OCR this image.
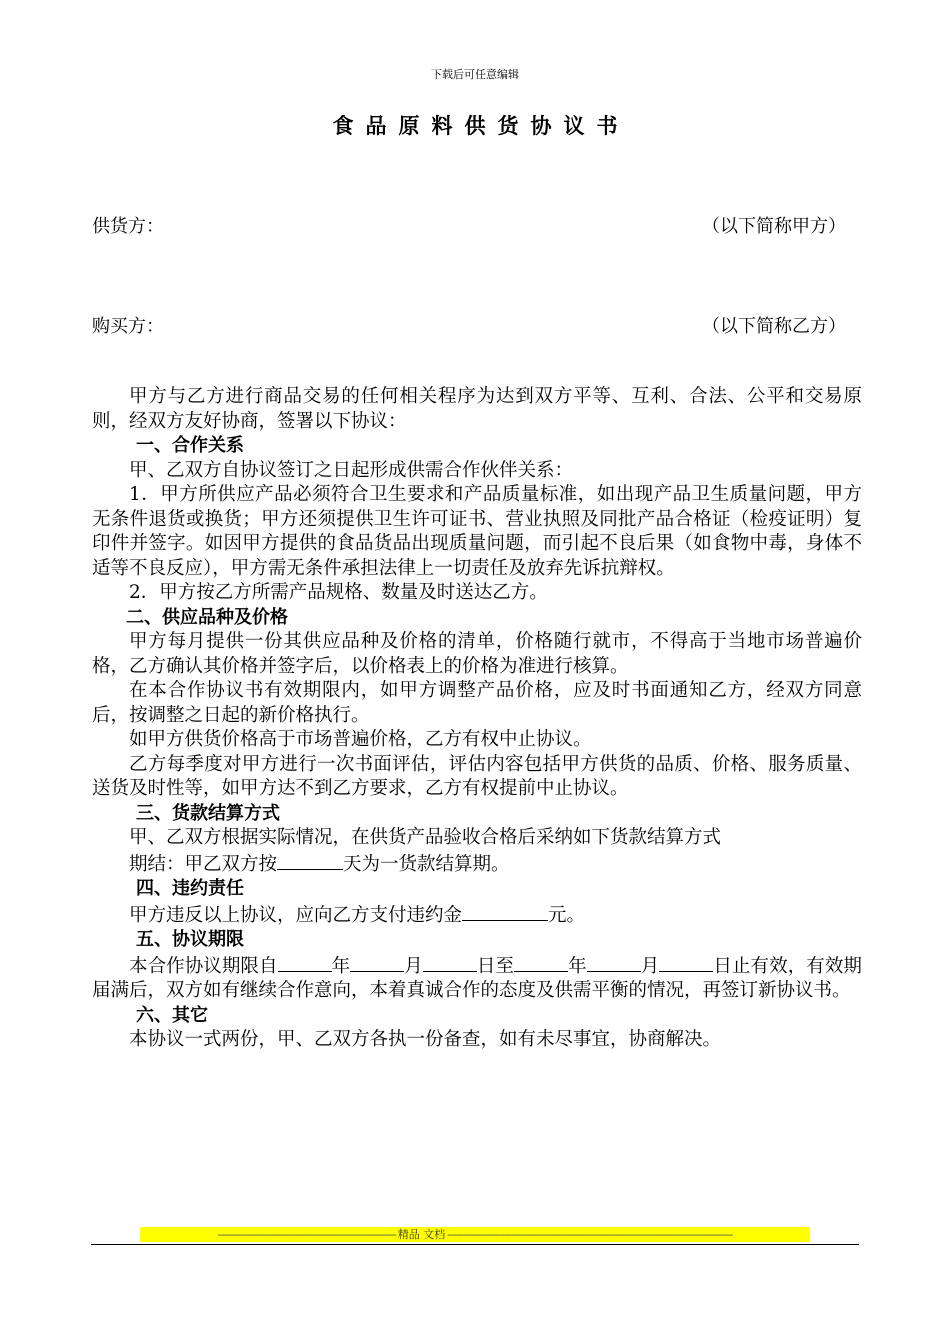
下载后可任意编辑
食品原料供货协议书
供货方：	（以下简称甲方）
购买方：	（以下简称乙方）

甲方与乙方进行商品交易的任何相关程序为达到双方平等、互利、合法、公平和交易原则，经双方友好协商，签署以下协议：

一、合作关系

甲、乙双方自协议签订之日起形成供需合作伙伴关系：

1．甲方所供应产品必须符合卫生要求和产品质量标准，如出现产品卫生质量问题，甲方无条件退货或换货；甲方还须提供卫生许可证书、营业执照及同批产品合格证（检疫证明）复印件并签字。如因甲方提供的食品货品出现质量问题，而引起不良后果（如食物中毒，身体不适等不良反应），甲方需无条件承担法律上一切责任及放弃先诉抗辩权。

2．甲方按乙方所需产品规格、数量及时送达乙方。

二、供应品种及价格

甲方每月提供一份其供应品种及价格的清单，价格随行就市，不得高于当地市场普遍价格，乙方确认其价格并签字后，以价格表上的价格为准进行核算。

在本合作协议书有效期限内，如甲方调整产品价格，应及时书面通知乙方，经双方同意后，按调整之日起的新价格执行。

如甲方供货价格高于市场普遍价格，乙方有权中止协议。

乙方每季度对甲方进行一次书面评估，评估内容包括甲方供货的品质、价格、服务质量、送货及时性等，如甲方达不到乙方要求，乙方有权提前中止协议。

三、货款结算方式

甲、乙双方根据实际情况，在供货产品验收合格后采纳如下货款结算方式

期结：甲乙双方按	天为一货款结算期。

四、违约责任

甲方违反以上协议，应向乙方支付违约金	元。

五、协议期限

本合作协议期限自	年	月	日至	年	月	日止有效，有效期届满后，双方如有继续合作意向，本着真诚合作的态度及供需平衡的情况，再签订新协议书。

六、其它

本协议一式两份，甲、乙双方各执一份备查，如有未尽事宜，协商解决。

------------------------------------------------------------ 精品 文档 ------------------------------------------------------------------------------------------------
